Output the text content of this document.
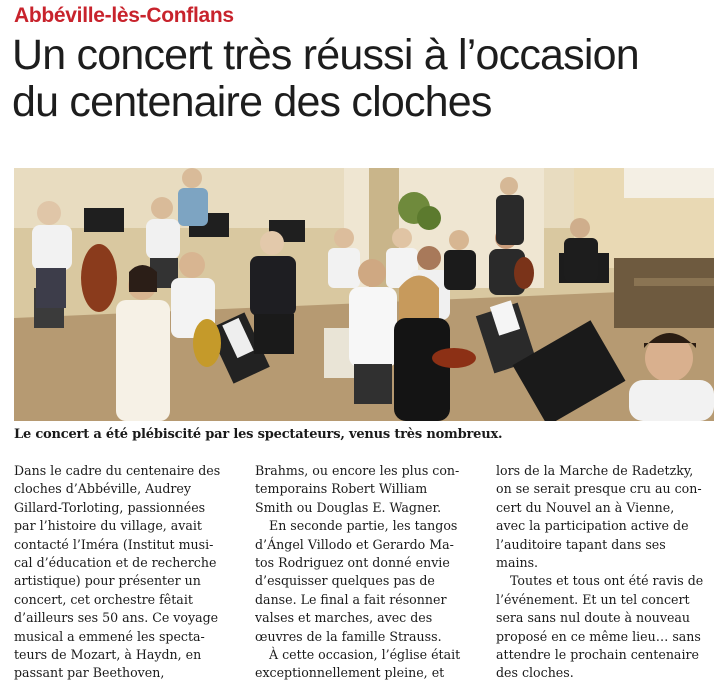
Abbéville-lès-Conflans
Un concert très réussi à l’occasion
du centenaire des cloches
Le concert a été plébiscité par les spectateurs, venus très nombreux.
Dans le cadre du centenaire des
cloches d’Abbéville, Audrey
Gillard-Torloting, passionnées
par l’histoire du village, avait
contacté l’Iméra (Institut musi-
cal d’éducation et de recherche
artistique) pour présenter un
concert, cet orchestre fêtait
d’ailleurs ses 50 ans. Ce voyage
musical a emmené les specta-
teurs de Mozart, à Haydn, en
passant par Beethoven,
Brahms, ou encore les plus con-
temporains Robert William
Smith ou Douglas E. Wagner.
En seconde partie, les tangos
d’Ángel Villodo et Gerardo Ma-
tos Rodriguez ont donné envie
d’esquisser quelques pas de
danse. Le final a fait résonner
valses et marches, avec des
œuvres de la famille Strauss.
À cette occasion, l’église était
exceptionnellement pleine, et
lors de la Marche de Radetzky,
on se serait presque cru au con-
cert du Nouvel an à Vienne,
avec la participation active de
l’auditoire tapant dans ses
mains.
Toutes et tous ont été ravis de
l’événement. Et un tel concert
sera sans nul doute à nouveau
proposé en ce même lieu… sans
attendre le prochain centenaire
des cloches.
